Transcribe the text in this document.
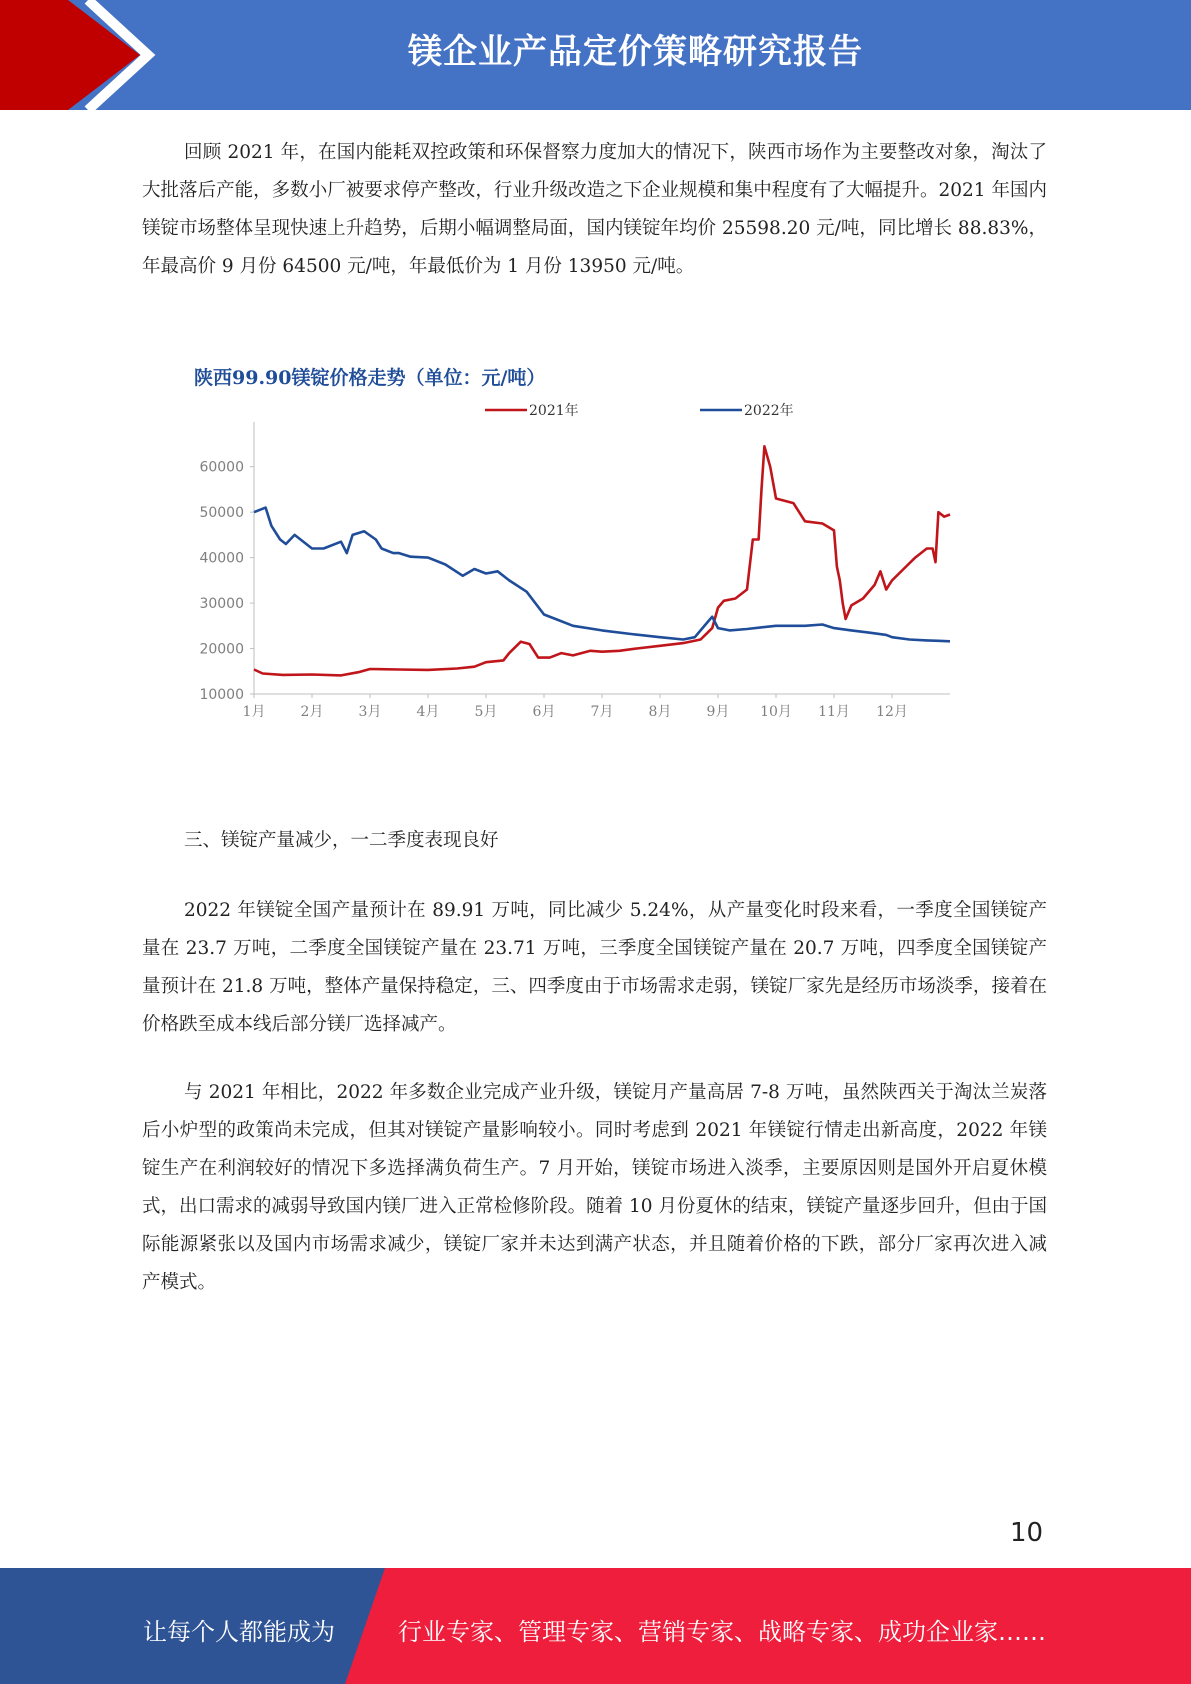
镁企业产品定价策略研究报告

回顾 2021 年，在国内能耗双控政策和环保督察力度加大的情况下，陕西市场作为主要整改对象，淘汰了大批落后产能，多数小厂被要求停产整改，行业升级改造之下企业规模和集中程度有了大幅提升。2021 年国内镁锭市场整体呈现快速上升趋势，后期小幅调整局面，国内镁锭年均价 25598.20 元/吨，同比增长 88.83%，年最高价 9 月份 64500 元/吨，年最低价为 1 月份 13950 元/吨。

陕西99.90镁锭价格走势（单位：元/吨）
2021年	2022年
10000
20000
30000
40000
50000
60000
1月	2月	3月	4月	5月	6月	7月	8月	9月 10月 11月 12月

三、镁锭产量减少，一二季度表现良好

2022 年镁锭全国产量预计在 89.91 万吨，同比减少 5.24%，从产量变化时段来看，一季度全国镁锭产量在 23.7 万吨，二季度全国镁锭产量在 23.71 万吨，三季度全国镁锭产量在 20.7 万吨，四季度全国镁锭产量预计在 21.8 万吨，整体产量保持稳定，三、四季度由于市场需求走弱，镁锭厂家先是经历市场淡季，接着在价格跌至成本线后部分镁厂选择减产。

与 2021 年相比，2022 年多数企业完成产业升级，镁锭月产量高居 7-8 万吨，虽然陕西关于淘汰兰炭落后小炉型的政策尚未完成，但其对镁锭产量影响较小。同时考虑到 2021 年镁锭行情走出新高度，2022 年镁锭生产在利润较好的情况下多选择满负荷生产。7 月开始，镁锭市场进入淡季，主要原因则是国外开启夏休模式，出口需求的减弱导致国内镁厂进入正常检修阶段。随着 10 月份夏休的结束，镁锭产量逐步回升，但由于国际能源紧张以及国内市场需求减少，镁锭厂家并未达到满产状态，并且随着价格的下跌，部分厂家再次进入减产模式。

10
让每个人都能成为	行业专家、管理专家、营销专家、战略专家、成功企业家……
